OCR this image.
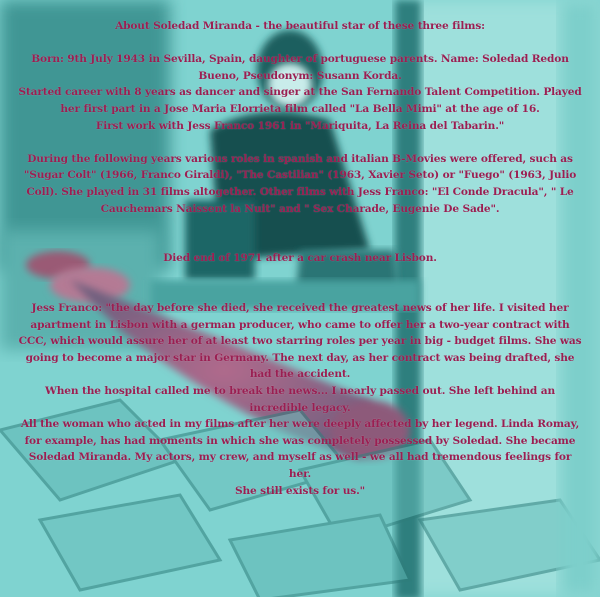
About Soledad Miranda - the beautiful star of these three films:

Born: 9th July 1943 in Sevilla, Spain, daughter of portuguese parents. Name: Soledad Redon

Bueno, Pseudonym: Susann Korda.

Started career with 8 years as dancer and singer at the San Fernando Talent Competition. Played

her first part in a Jose Maria Elorrieta film called "La Bella Mimi" at the age of 16.

First work with Jess Franco 1961 in "Mariquita, La Reina del Tabarin."

During the following years various roles in spanish and italian B-Movies were offered, such as

"Sugar Colt" (1966, Franco Giraldi), "The Castilian" (1963, Xavier Seto) or "Fuego" (1963, Julio

Coll). She played in 31 films altogether. Other films with Jess Franco: "El Conde Dracula", " Le

Cauchemars Naissent la Nuit" and " Sex Charade, Eugenie De Sade".

Died end of 1971 after a car crash near Lisbon.

Jess Franco: "the day before she died, she received the greatest news of her life. I visited her

apartment in Lisbon with a german producer, who came to offer her a two-year contract with

CCC, which would assure her of at least two starring roles per year in big - budget films. She was

going to become a major star in Germany. The next day, as her contract was being drafted, she

had the accident.

When the hospital called me to break the news... I nearly passed out. She left behind an

incredible legacy.

All the woman who acted in my films after her were deeply affected by her legend. Linda Romay,

for example, has had moments in which she was completely possessed by Soledad. She became

Soledad Miranda. My actors, my crew, and myself as well - we all had tremendous feelings for

her.

She still exists for us."
